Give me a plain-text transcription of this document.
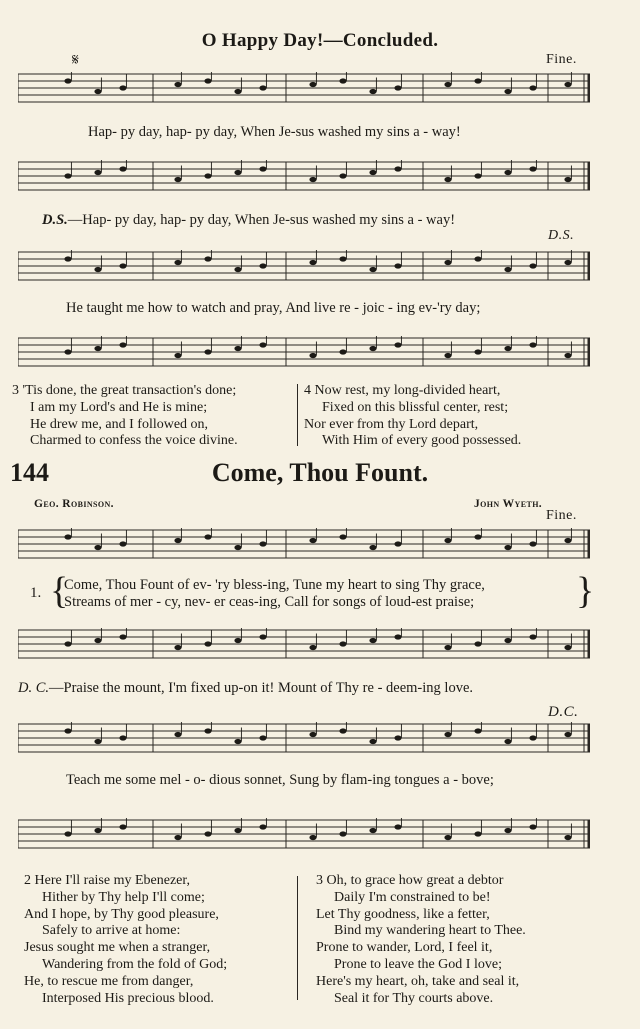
O Happy Day!—Concluded.
Fine.
𝄋
Hap- py day, hap- py day, When Je-sus washed my sins a - way!
D.S.—Hap- py day, hap- py day, When Je-sus washed my sins a - way!
D.S.
He taught me how to watch and pray, And live re - joic - ing ev-'ry day;
3 'Tis done, the great transaction's done;
I am my Lord's and He is mine;
He drew me, and I followed on,
Charmed to confess the voice divine.
4 Now rest, my long-divided heart,
Fixed on this blissful center, rest;
Nor ever from thy Lord depart,
With Him of every good possessed.
144	Come, Thou Fount.
Geo. Robinson.	John Wyeth.
Fine.
1. {
Come, Thou Fount of ev- 'ry bless-ing, Tune my heart to sing Thy grace,
Streams of mer - cy, nev- er ceas-ing, Call for songs of loud-est praise;	}
D. C.—Praise the mount, I'm fixed up-on it! Mount of Thy re - deem-ing love.
D.C.
Teach me some mel - o- dious sonnet, Sung by flam-ing tongues a - bove;
2 Here I'll raise my Ebenezer,
Hither by Thy help I'll come;
And I hope, by Thy good pleasure,
Safely to arrive at home:
Jesus sought me when a stranger,
Wandering from the fold of God;
He, to rescue me from danger,
Interposed His precious blood.
3 Oh, to grace how great a debtor
Daily I'm constrained to be!
Let Thy goodness, like a fetter,
Bind my wandering heart to Thee.
Prone to wander, Lord, I feel it,
Prone to leave the God I love;
Here's my heart, oh, take and seal it,
Seal it for Thy courts above.
